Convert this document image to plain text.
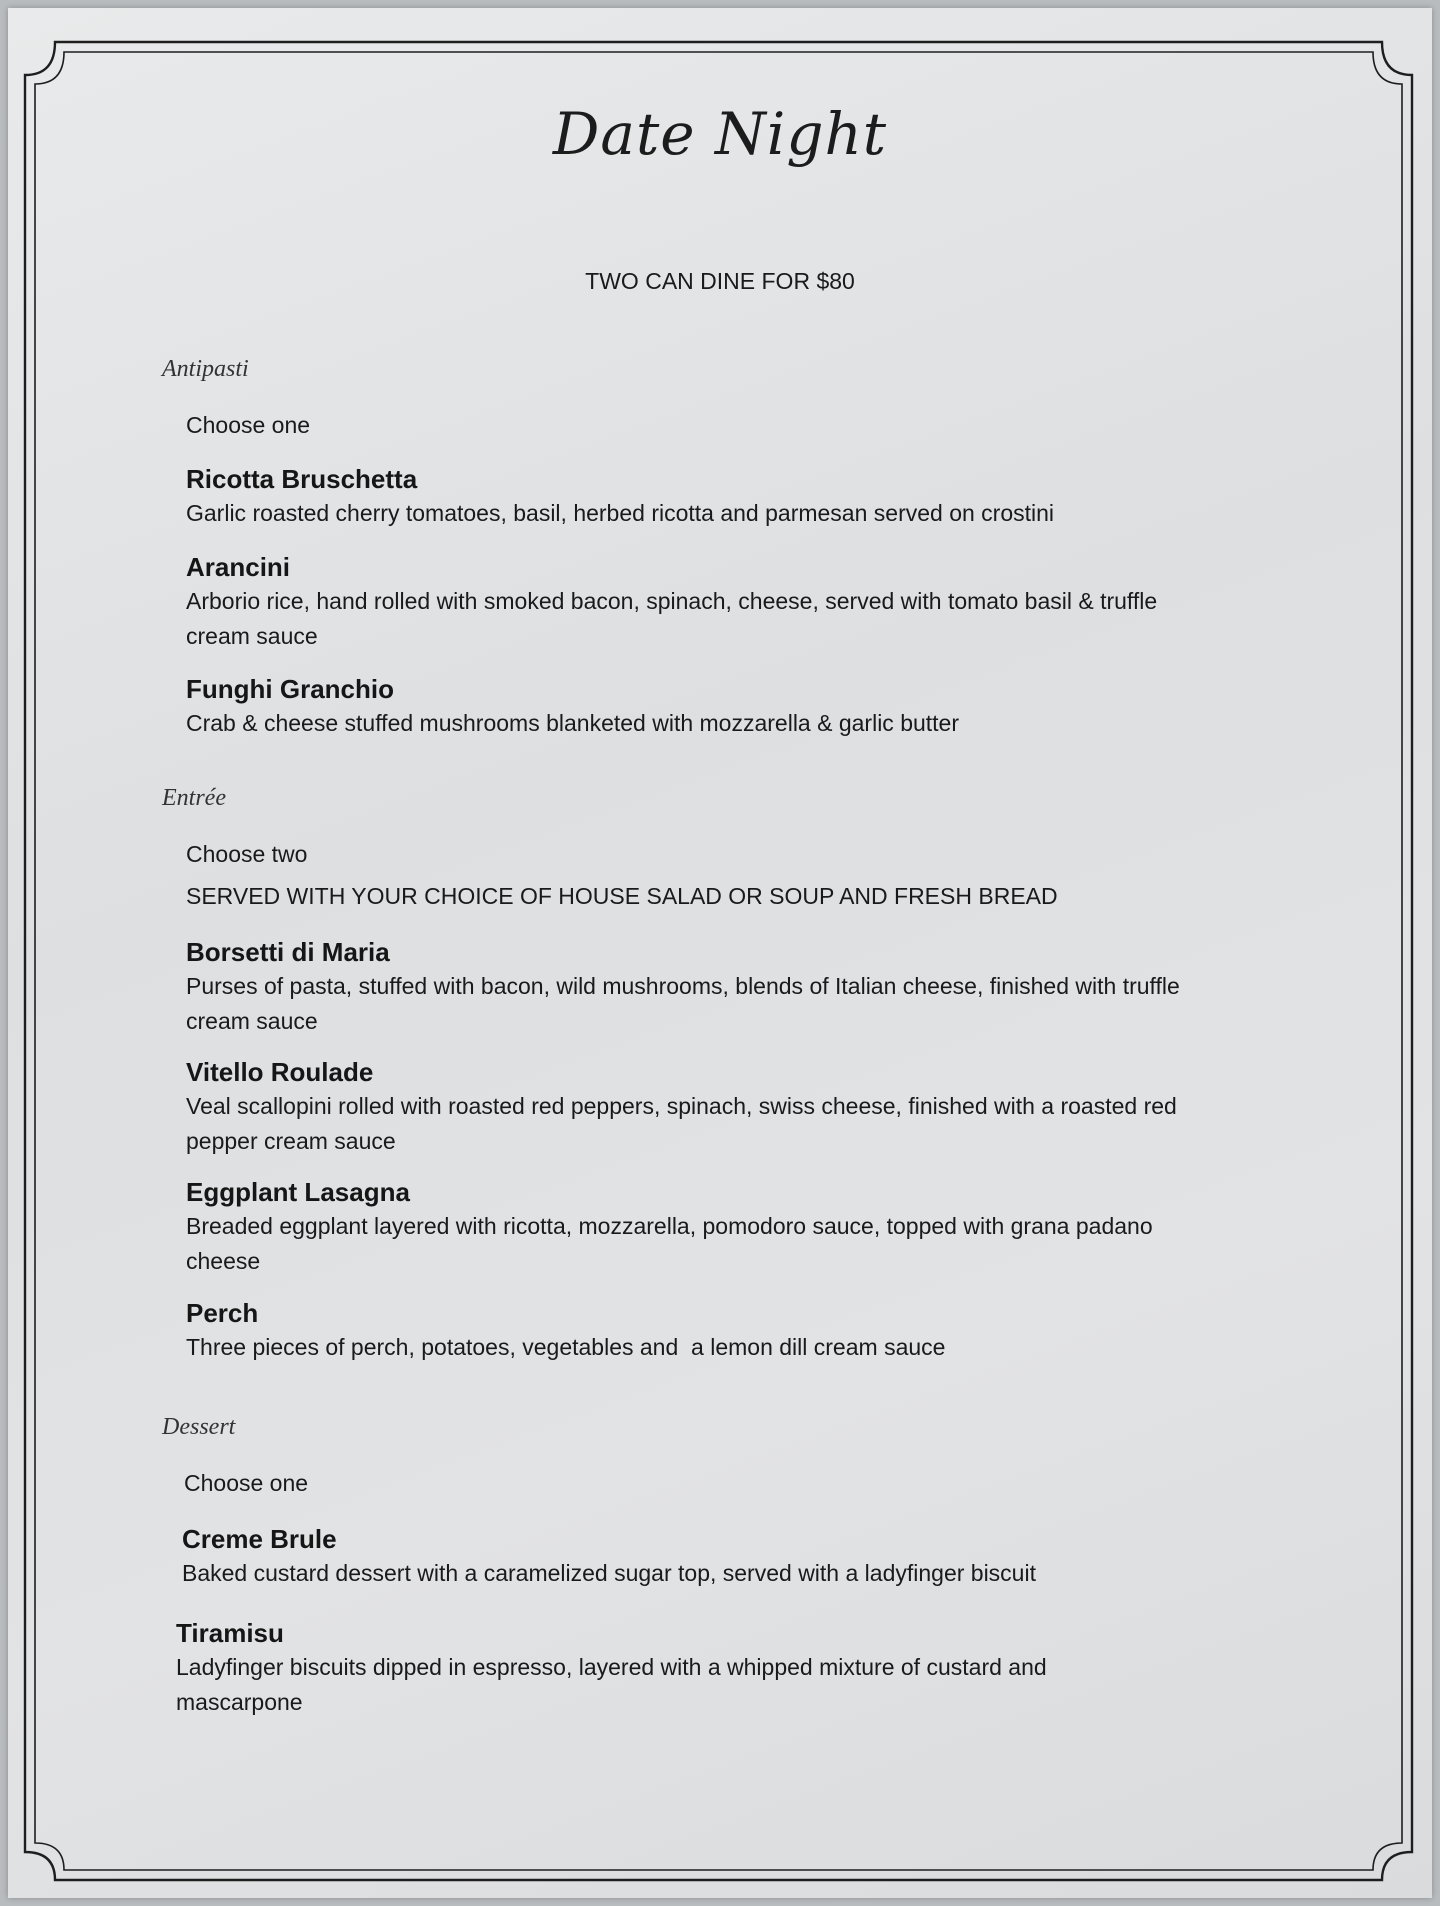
Date Night
TWO CAN DINE FOR $80
Antipasti
Choose one
Ricotta Bruschetta
Garlic roasted cherry tomatoes, basil, herbed ricotta and parmesan served on crostini
Arancini
Arborio rice, hand rolled with smoked bacon, spinach, cheese, served with tomato basil & truffle cream sauce
Funghi Granchio
Crab & cheese stuffed mushrooms blanketed with mozzarella & garlic butter
Entrée
Choose two
SERVED WITH YOUR CHOICE OF HOUSE SALAD OR SOUP AND FRESH BREAD
Borsetti di Maria
Purses of pasta, stuffed with bacon, wild mushrooms, blends of Italian cheese, finished with truffle cream sauce
Vitello Roulade
Veal scallopini rolled with roasted red peppers, spinach, swiss cheese, finished with a roasted red pepper cream sauce
Eggplant Lasagna
Breaded eggplant layered with ricotta, mozzarella, pomodoro sauce, topped with grana padano cheese
Perch
Three pieces of perch, potatoes, vegetables and  a lemon dill cream sauce
Dessert
Choose one
Creme Brule
Baked custard dessert with a caramelized sugar top, served with a ladyfinger biscuit
Tiramisu
Ladyfinger biscuits dipped in espresso, layered with a whipped mixture of custard and mascarpone
